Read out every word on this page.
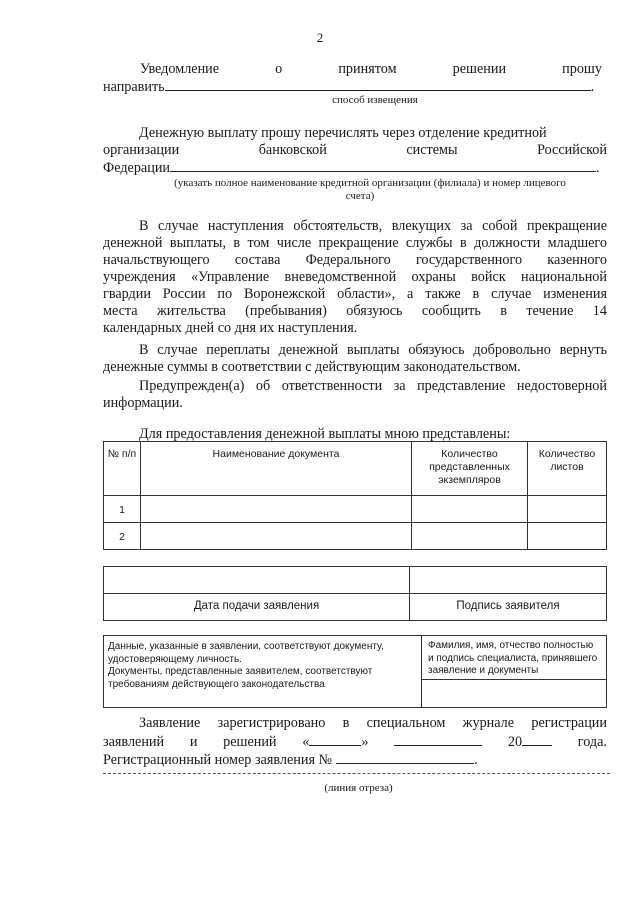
2
Уведомление	о	принятом	решении	прошу
направить	.
способ извещения
Денежную выплату прошу перечислять через отделение кредитной
организации	банковской	системы	Российской
Федерации	.
(указать полное наименование кредитной организации (филиала) и номер лицевого
счета)
В случае наступления обстоятельств, влекущих за собой прекращение
денежной выплаты, в том числе прекращение службы в должности младшего
начальствующего состава Федерального государственного казенного
учреждения «Управление вневедомственной охраны войск национальной
гвардии России по Воронежской области», а также в случае изменения
места жительства (пребывания) обязуюсь сообщить в течение 14
календарных дней со дня их наступления.
В случае переплаты денежной выплаты обязуюсь добровольно вернуть
денежные суммы в соответствии с действующим законодательством.
Предупрежден(а) об ответственности за представление недостоверной
информации.
Для предоставления денежной выплаты мною представлены:
№ п/п	Наименование документа	Количество представленных экземпляров	Количество листов
1			
2			

Дата подачи заявления	Подпись заявителя
Данные, указанные в заявлении, соответствуют документу,
удостоверяющему личность.
Документы, представленные заявителем, соответствуют
требованиям действующего законодательства

Фамилия, имя, отчество полностью
и подпись специалиста, принявшего
заявление и документы

Заявление зарегистрировано в специальном журнале регистрации
заявлений и решений «	»	20	года.
Регистрационный номер заявления №	.
(линия отреза)
